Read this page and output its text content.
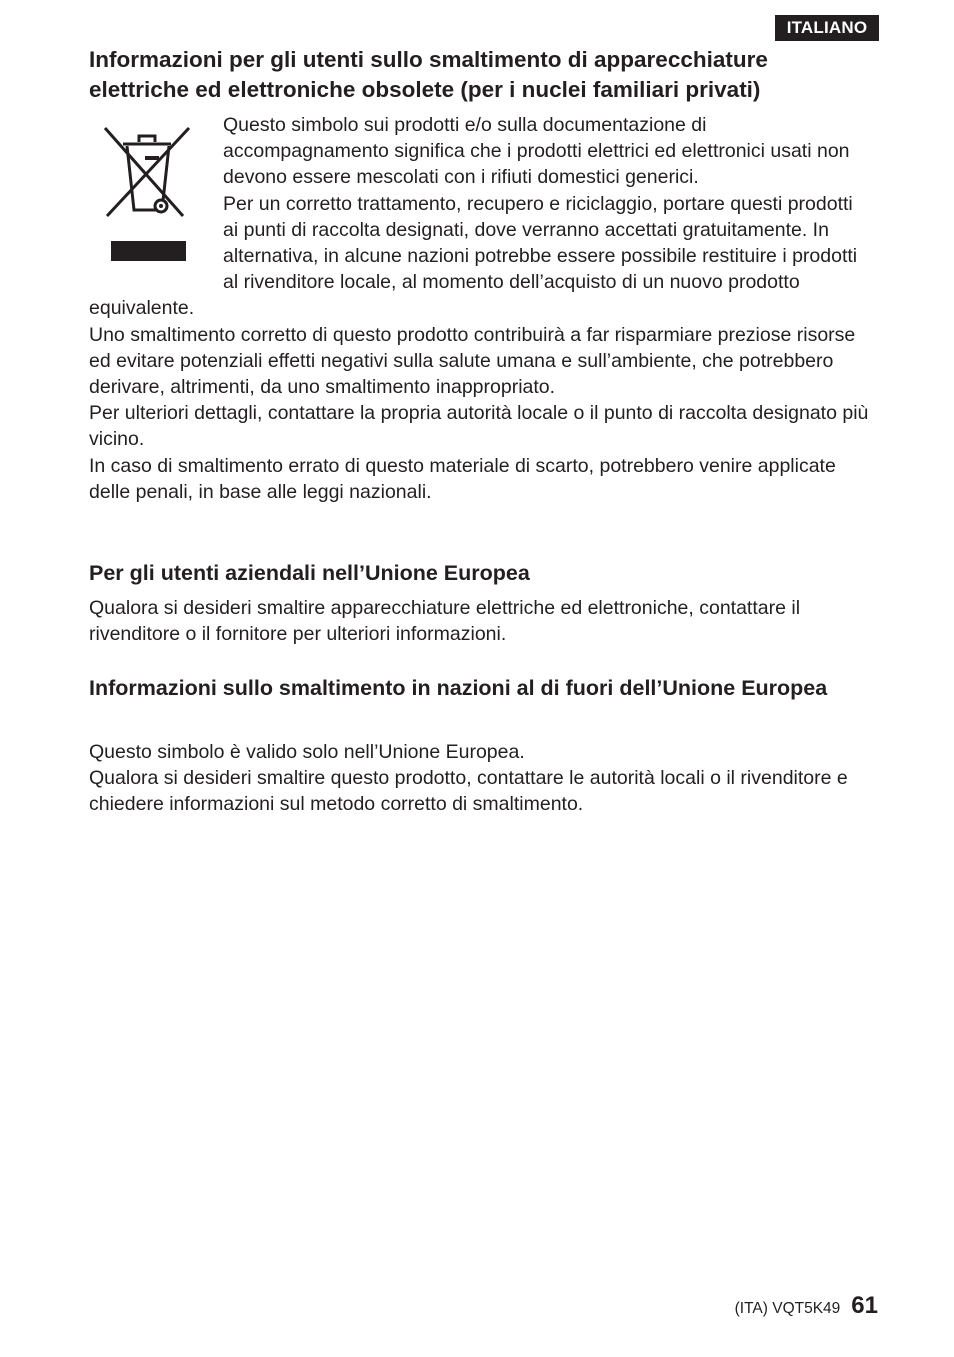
ITALIANO
Informazioni per gli utenti sullo smaltimento di apparecchiature elettriche ed elettroniche obsolete (per i nuclei familiari privati)

Questo simbolo sui prodotti e/o sulla documentazione di accompagnamento significa che i prodotti elettrici ed elettronici usati non devono essere mescolati con i rifiuti domestici generici.

Per un corretto trattamento, recupero e riciclaggio, portare questi prodotti ai punti di raccolta designati, dove verranno accettati gratuitamente. In alternativa, in alcune nazioni potrebbe essere possibile restituire i prodotti al rivenditore locale, al momento dell’acquisto di un nuovo prodotto equivalente.

Uno smaltimento corretto di questo prodotto contribuirà a far risparmiare preziose risorse ed evitare potenziali effetti negativi sulla salute umana e sull’ambiente, che potrebbero derivare, altrimenti, da uno smaltimento inappropriato.

Per ulteriori dettagli, contattare la propria autorità locale o il punto di raccolta designato più vicino.

In caso di smaltimento errato di questo materiale di scarto, potrebbero venire applicate delle penali, in base alle leggi nazionali.

Per gli utenti aziendali nell’Unione Europea

Qualora si desideri smaltire apparecchiature elettriche ed elettroniche, contattare il rivenditore o il fornitore per ulteriori informazioni.

Informazioni sullo smaltimento in nazioni al di fuori dell’Unione Europea

Questo simbolo è valido solo nell’Unione Europea.

Qualora si desideri smaltire questo prodotto, contattare le autorità locali o il rivenditore e chiedere informazioni sul metodo corretto di smaltimento.

(ITA) VQT5K49 61
